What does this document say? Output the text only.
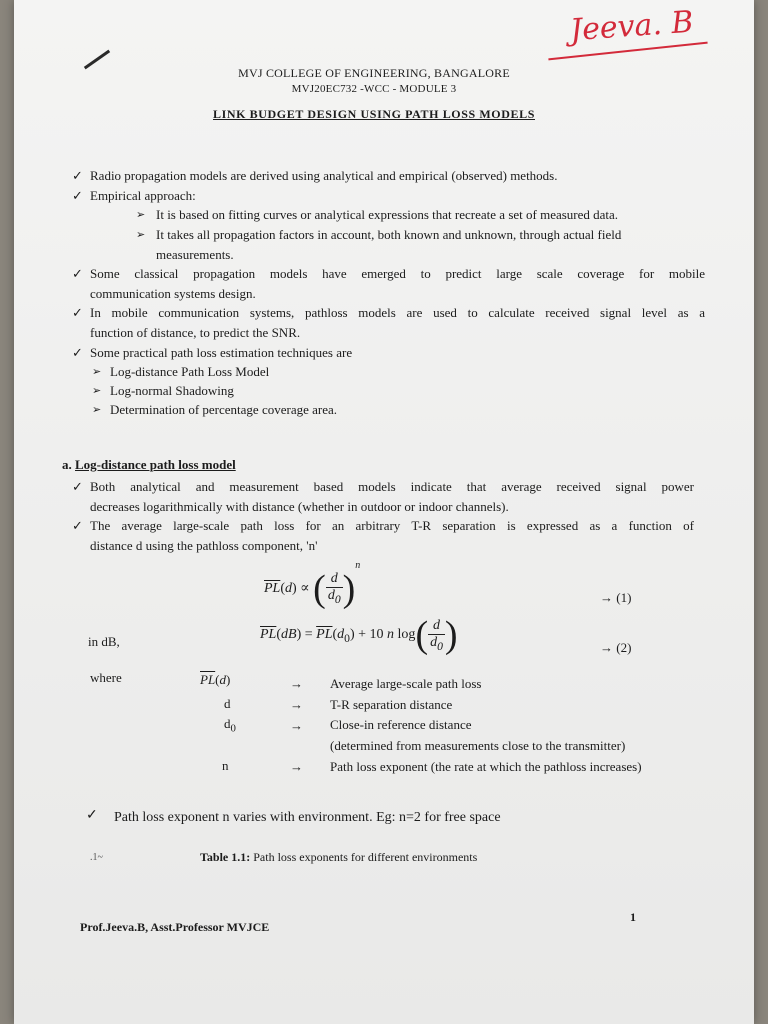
Jeeva. B
MVJ COLLEGE OF ENGINEERING, BANGALORE
MVJ20EC732 -WCC - MODULE 3
LINK BUDGET DESIGN USING PATH LOSS MODELS
✓ Radio propagation models are derived using analytical and empirical (observed) methods.
✓ Empirical approach:
➢ It is based on fitting curves or analytical expressions that recreate a set of measured data.
➢ It takes all propagation factors in account, both known and unknown, through actual field
measurements.
✓ Some classical propagation models have emerged to predict large scale coverage for mobile
communication systems design.
✓ In mobile communication systems, pathloss models are used to calculate received signal level as a
function of distance, to predict the SNR.
✓ Some practical path loss estimation techniques are
➢ Log-distance Path Loss Model
➢ Log-normal Shadowing
➢ Determination of percentage coverage area.
a. Log-distance path loss model
✓ Both analytical and measurement based models indicate that average received signal power
decreases logarithmically with distance (whether in outdoor or indoor channels).
✓ The average large-scale path loss for an arbitrary T-R separation is expressed as a function of
distance d using the pathloss component, 'n'
$\overline{PL}(d)$ ∝ ( $\frac{d}{d_0} )^n$
→ (1)
in dB,	$\overline{PL}(dB) = \overline{PL}(d_0) + 10$ n $\log( \frac{d}{d_0}$ )	→ (2)
where	$\overline{PL}(d)$	→ Average large-scale path loss
d	→ T-R separation distance
$d_0$	→ Close-in reference distance
(determined from measurements close to the transmitter)
n	→ Path loss exponent (the rate at which the pathloss increases)
✓ Path loss exponent n varies with environment. Eg: n=2 for free space
.1~	Table 1.1: Path loss exponents for different environments
Prof.Jeeva.B, Asst.Professor MVJCE
1
